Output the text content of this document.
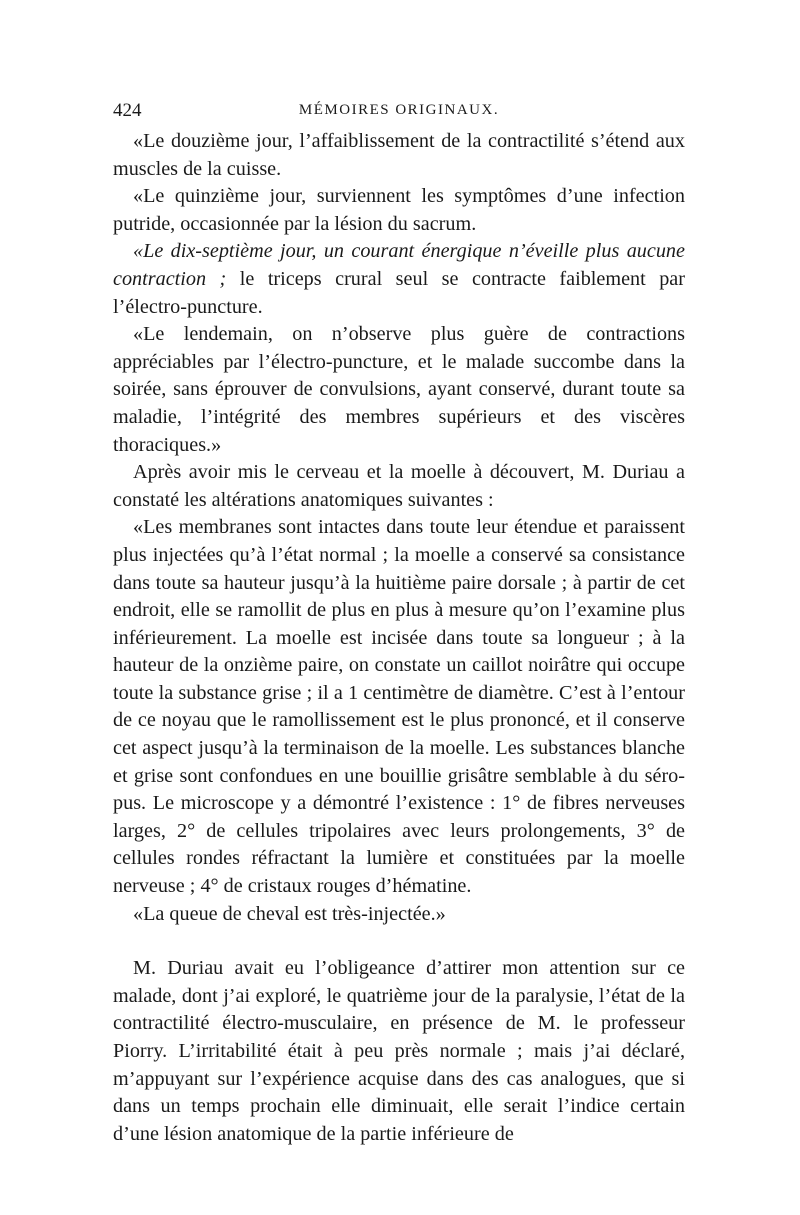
424	MÉMOIRES ORIGINAUX.

«Le douzième jour, l’affaiblissement de la contractilité s’étend aux muscles de la cuisse.

«Le quinzième jour, surviennent les symptômes d’une infection putride, occasionnée par la lésion du sacrum.

«Le dix-septième jour, un courant énergique n’éveille plus aucune contraction ; le triceps crural seul se contracte faiblement par l’électro-puncture.

«Le lendemain, on n’observe plus guère de contractions appréciables par l’électro-puncture, et le malade succombe dans la soirée, sans éprouver de convulsions, ayant conservé, durant toute sa maladie, l’intégrité des membres supérieurs et des viscères thoraciques.»

Après avoir mis le cerveau et la moelle à découvert, M. Duriau a constaté les altérations anatomiques suivantes :

«Les membranes sont intactes dans toute leur étendue et paraissent plus injectées qu’à l’état normal ; la moelle a conservé sa consistance dans toute sa hauteur jusqu’à la huitième paire dorsale ; à partir de cet endroit, elle se ramollit de plus en plus à mesure qu’on l’examine plus inférieurement. La moelle est incisée dans toute sa longueur ; à la hauteur de la onzième paire, on constate un caillot noirâtre qui occupe toute la substance grise ; il a 1 centimètre de diamètre. C’est à l’entour de ce noyau que le ramollissement est le plus prononcé, et il conserve cet aspect jusqu’à la terminaison de la moelle. Les substances blanche et grise sont confondues en une bouillie grisâtre semblable à du séro-pus. Le microscope y a démontré l’existence : 1° de fibres nerveuses larges, 2° de cellules tripolaires avec leurs prolongements, 3° de cellules rondes réfractant la lumière et constituées par la moelle nerveuse ; 4° de cristaux rouges d’hématine.

«La queue de cheval est très-injectée.»

M. Duriau avait eu l’obligeance d’attirer mon attention sur ce malade, dont j’ai exploré, le quatrième jour de la paralysie, l’état de la contractilité électro-musculaire, en présence de M. le professeur Piorry. L’irritabilité était à peu près normale ; mais j’ai déclaré, m’appuyant sur l’expérience acquise dans des cas analogues, que si dans un temps prochain elle diminuait, elle serait l’indice certain d’une lésion anatomique de la partie inférieure de
